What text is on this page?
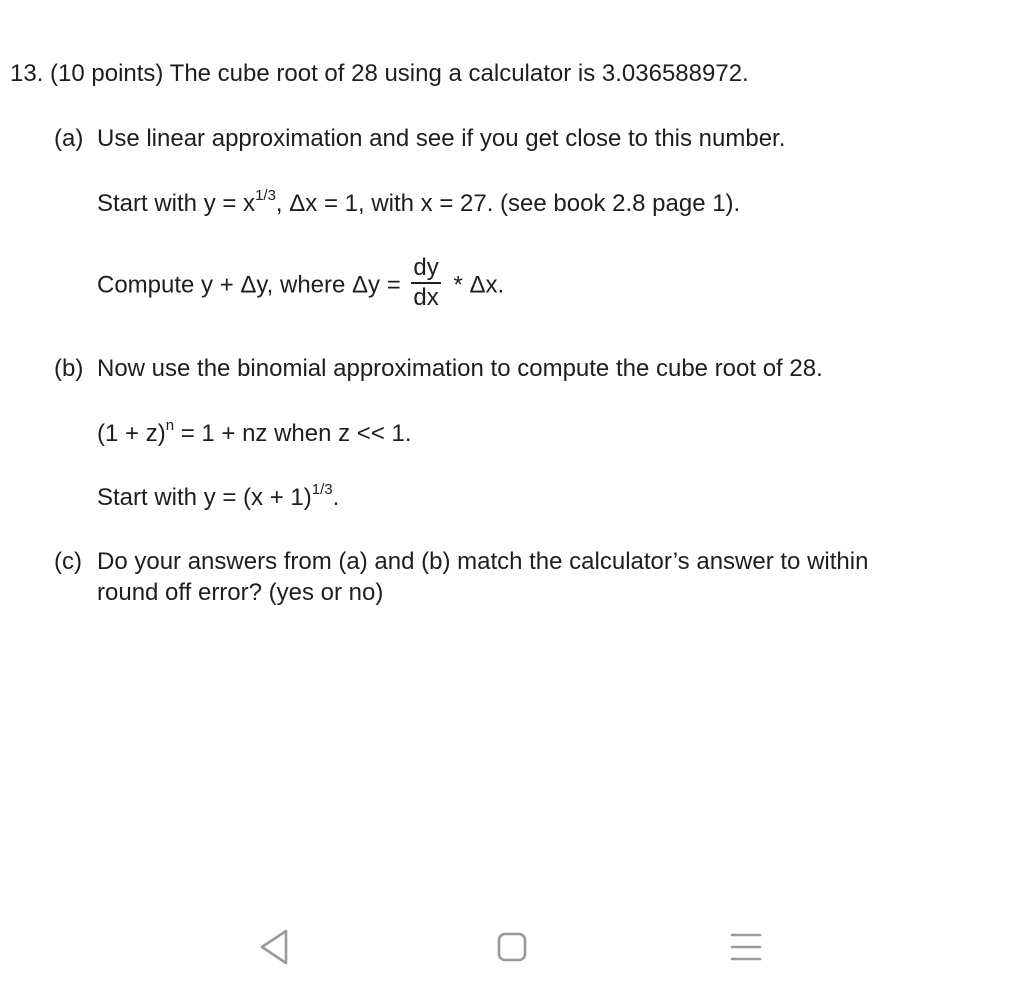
13. (10 points) The cube root of 28 using a calculator is 3.036588972.
(a) Use linear approximation and see if you get close to this number.
Start with $y = x^{1/3}$, Δx = 1, with x = 27. (see book 2.8 page 1).
Compute y + Δy, where $\Delta y = \frac{dy}{dx} * \Delta x$.
(b) Now use the binomial approximation to compute the cube root of 28.
$(1 + z)^n = 1$ + nz when z << 1.
Start with $y = (x + 1)^{1/3}$.
(c) Do your answers from (a) and (b) match the calculator’s answer to within
round off error? (yes or no)
